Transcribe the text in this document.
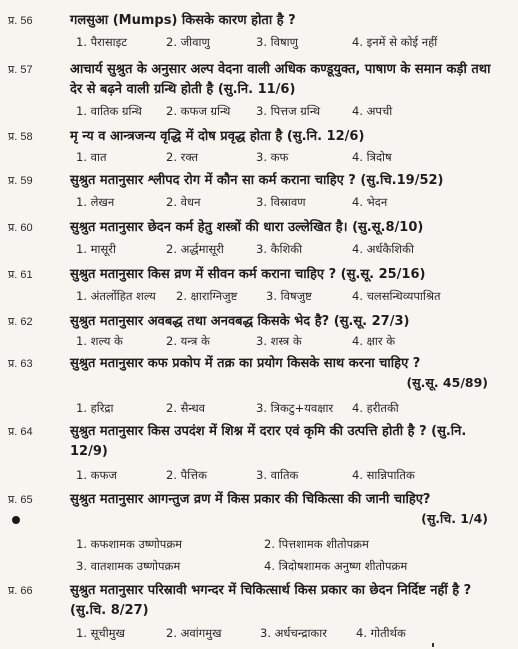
प्र. 56	गलसुआ (Mumps) किसके कारण होता है ?
1. पैरासाइट	2. जीवाणु	3. विषाणु	4. इनमें से कोई नहीं
प्र. 57	आचार्य सुश्रुत के अनुसार अल्प वेदना वाली अधिक कण्डूयुक्त, पाषाण के समान कड़ी तथा देर से बढ़ने वाली ग्रन्थि होती है (सु.नि. 11/6)
1. वातिक ग्रन्थि 2. कफज ग्रन्थि 3. पित्तज ग्रन्थि	4. अपची
प्र. 58	मृ न्य व आन्त्रजन्य वृद्धि में दोष प्रवृद्ध होता है (सु.नि. 12/6)
1. वात	2. रक्त	3. कफ	4. त्रिदोष
प्र. 59	सुश्रुत मतानुसार श्लीपद रोग में कौन सा कर्म कराना चाहिए ? (सु.चि.19/52)
1. लेखन	2. वेधन	3. विस्रावण	4. भेदन
प्र. 60	सुश्रुत मतानुसार छेदन कर्म हेतु शस्त्रों की धारा उल्लेखित है। (सु.सू.8/10)
1. मासूरी	2. अर्द्धमासूरी	3. कैशिकी	4. अर्धकैशिकी
प्र. 61	सुश्रुत मतानुसार किस व्रण में सीवन कर्म कराना चाहिए ? (सु.सू. 25/16)
1. अंतर्लोहित शल्य 2. क्षाराग्निजुष्ट 3. विषजुष्ट	4. चलसन्धिव्यपाश्रित
प्र. 62	सुश्रुत मतानुसार अवबद्ध तथा अनवबद्ध किसके भेद है? (सु.सू. 27/3)
1. शल्य के	2. यन्त्र के	3. शस्त्र के	4. क्षार के
प्र. 63	सुश्रुत मतानुसार कफ प्रकोप में तक्र का प्रयोग किसके साथ करना चाहिए ?
(सु.सू. 45/89)
1. हरिद्रा	2. सैन्धव	3. त्रिकटु+यवक्षार 4. हरीतकी
प्र. 64	सुश्रुत मतानुसार किस उपदंश में शिश्न में दरार एवं कृमि की उत्पत्ति होती है ? (सु.नि. 12/9)
1. कफज	2. पैत्तिक	3. वातिक	4. सान्निपातिक
प्र. 65	सुश्रुत मतानुसार आगन्तुज व्रण में किस प्रकार की चिकित्सा की जानी चाहिए?
(सु.चि. 1/4)
1. कफशामक उष्णोपक्रम	2. पित्तशामक शीतोपक्रम
3. वातशामक उष्णोपक्रम	4. त्रिदोषशामक अनुष्ण शीतोपक्रम
प्र. 66	सुश्रुत मतानुसार परिस्रावी भगन्दर में चिकित्सार्थ किस प्रकार का छेदन निर्दिष्ट नहीं है ? (सु.चि. 8/27)
1. सूचीमुख	2. अवांगमुख	3. अर्धचन्द्राकार	4. गोतीर्थक
